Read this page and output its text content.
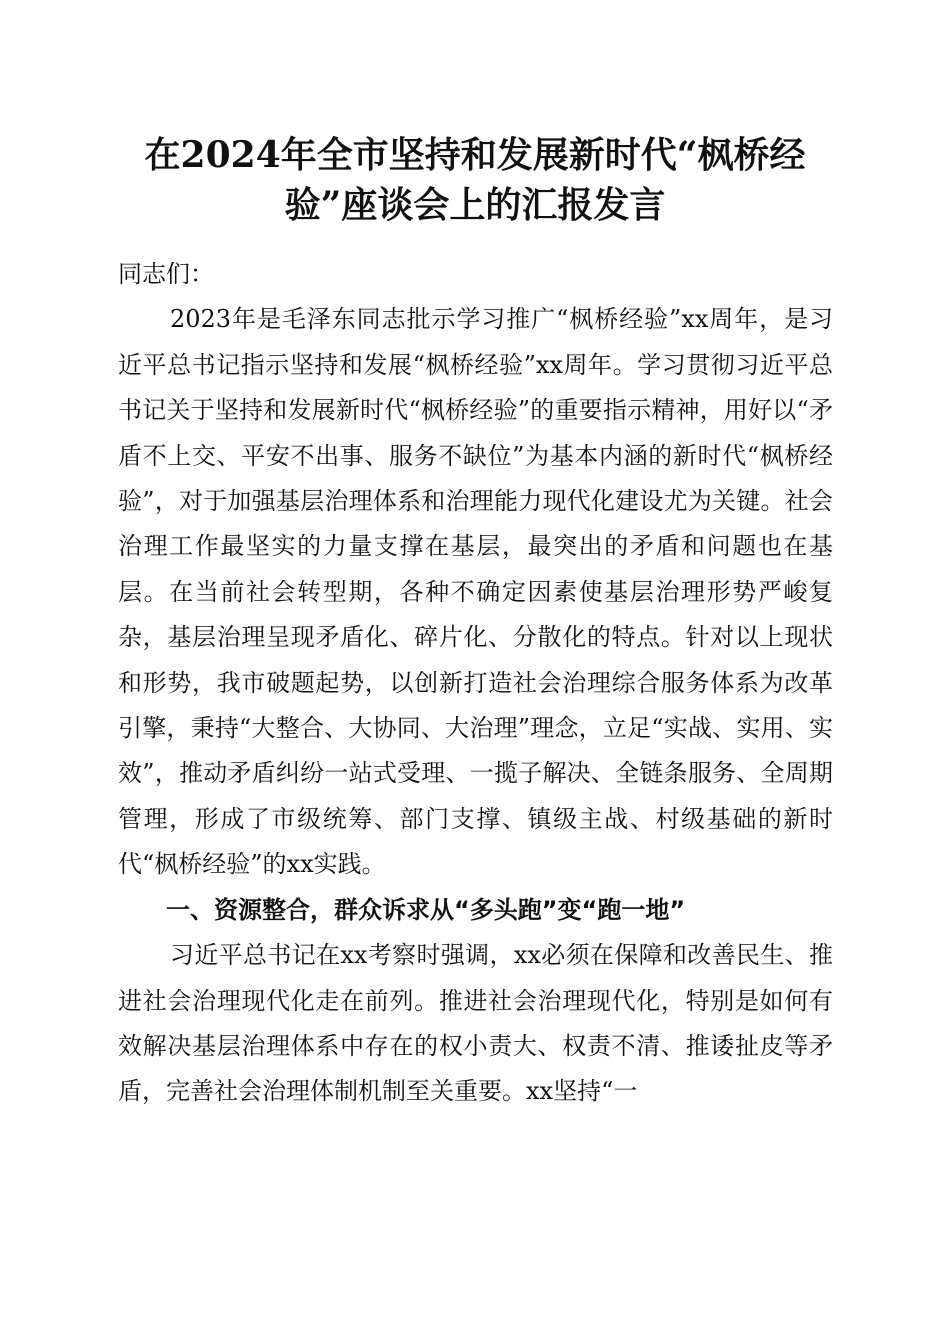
在2024年全市坚持和发展新时代“枫桥经
验”座谈会上的汇报发言

同志们：

2023年是毛泽东同志批示学习推广“枫桥经验”xx周年，是习近平总书记指示坚持和发展“枫桥经验”xx周年。学习贯彻习近平总书记关于坚持和发展新时代“枫桥经验”的重要指示精神，用好以“矛盾不上交、平安不出事、服务不缺位”为基本内涵的新时代“枫桥经验”，对于加强基层治理体系和治理能力现代化建设尤为关键。社会治理工作最坚实的力量支撑在基层，最突出的矛盾和问题也在基层。在当前社会转型期，各种不确定因素使基层治理形势严峻复杂，基层治理呈现矛盾化、碎片化、分散化的特点。针对以上现状和形势，我市破题起势，以创新打造社会治理综合服务体系为改革引擎，秉持“大整合、大协同、大治理”理念，立足“实战、实用、实效”，推动矛盾纠纷一站式受理、一揽子解决、全链条服务、全周期管理，形成了市级统筹、部门支撑、镇级主战、村级基础的新时代“枫桥经验”的xx实践。

一、资源整合，群众诉求从“多头跑”变“跑一地”

习近平总书记在xx考察时强调，xx必须在保障和改善民生、推进社会治理现代化走在前列。推进社会治理现代化，特别是如何有效解决基层治理体系中存在的权小责大、权责不清、推诿扯皮等矛盾，完善社会治理体制机制至关重要。xx坚持“一
